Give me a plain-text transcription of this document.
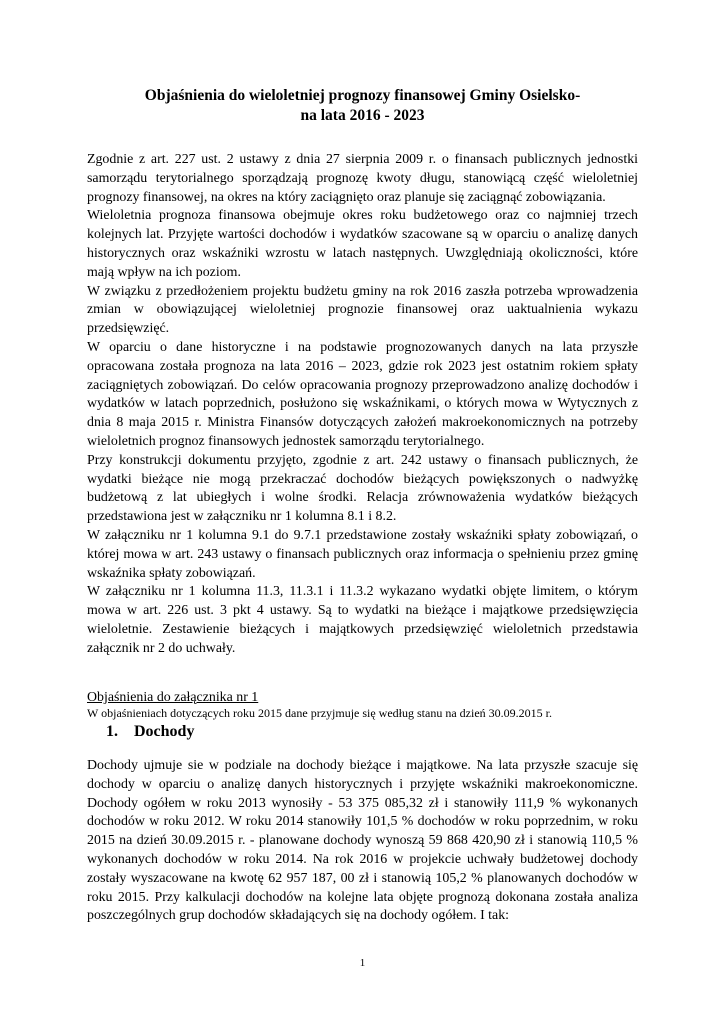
Objaśnienia do wieloletniej prognozy finansowej Gminy Osielsko-
na lata 2016 - 2023

Zgodnie z art. 227 ust. 2 ustawy z dnia 27 sierpnia 2009 r. o finansach publicznych jednostki samorządu terytorialnego sporządzają prognozę kwoty długu, stanowiącą część wieloletniej prognozy finansowej, na okres na który zaciągnięto oraz planuje się zaciągnąć zobowiązania.

Wieloletnia prognoza finansowa obejmuje okres roku budżetowego oraz co najmniej trzech kolejnych lat. Przyjęte wartości dochodów i wydatków szacowane są w oparciu o analizę danych historycznych oraz wskaźniki wzrostu w latach następnych. Uwzględniają okoliczności, które mają wpływ na ich poziom.

W związku z przedłożeniem projektu budżetu gminy na rok 2016 zaszła potrzeba wprowadzenia zmian w obowiązującej wieloletniej prognozie finansowej oraz uaktualnienia wykazu przedsięwzięć.

W oparciu o dane historyczne i na podstawie prognozowanych danych na lata przyszłe opracowana została prognoza na lata 2016 – 2023, gdzie rok 2023 jest ostatnim rokiem spłaty zaciągniętych zobowiązań. Do celów opracowania prognozy przeprowadzono analizę dochodów i wydatków w latach poprzednich, posłużono się wskaźnikami, o których mowa w Wytycznych z dnia 8 maja 2015 r. Ministra Finansów dotyczących założeń makroekonomicznych na potrzeby wieloletnich prognoz finansowych jednostek samorządu terytorialnego.

Przy konstrukcji dokumentu przyjęto, zgodnie z art. 242 ustawy o finansach publicznych, że wydatki bieżące nie mogą przekraczać dochodów bieżących powiększonych o nadwyżkę budżetową z lat ubiegłych i wolne środki. Relacja zrównoważenia wydatków bieżących przedstawiona jest w załączniku nr 1 kolumna 8.1 i 8.2.

W załączniku nr 1 kolumna 9.1 do 9.7.1 przedstawione zostały wskaźniki spłaty zobowiązań, o której mowa w art. 243 ustawy o finansach publicznych oraz informacja o spełnieniu przez gminę wskaźnika spłaty zobowiązań.

W załączniku nr 1 kolumna 11.3, 11.3.1 i 11.3.2 wykazano wydatki objęte limitem, o którym mowa w art. 226 ust. 3 pkt 4 ustawy. Są to wydatki na bieżące i majątkowe przedsięwzięcia wieloletnie. Zestawienie bieżących i majątkowych przedsięwzięć wieloletnich przedstawia załącznik nr 2 do uchwały.

Objaśnienia do załącznika nr 1
W objaśnieniach dotyczących roku 2015 dane przyjmuje się według stanu na dzień 30.09.2015 r.
1. Dochody

Dochody ujmuje sie w podziale na dochody bieżące i majątkowe. Na lata przyszłe szacuje się dochody w oparciu o analizę danych historycznych i przyjęte wskaźniki makroekonomiczne. Dochody ogółem w roku 2013 wynosiły - 53 375 085,32 zł i stanowiły 111,9 % wykonanych dochodów w roku 2012. W roku 2014 stanowiły 101,5 % dochodów w roku poprzednim, w roku 2015 na dzień 30.09.2015 r. - planowane dochody wynoszą 59 868 420,90 zł i stanowią 110,5 % wykonanych dochodów w roku 2014. Na rok 2016 w projekcie uchwały budżetowej dochody zostały wyszacowane na kwotę 62 957 187, 00 zł i stanowią 105,2 % planowanych dochodów w roku 2015. Przy kalkulacji dochodów na kolejne lata objęte prognozą dokonana została analiza poszczególnych grup dochodów składających się na dochody ogółem. I tak:

1
